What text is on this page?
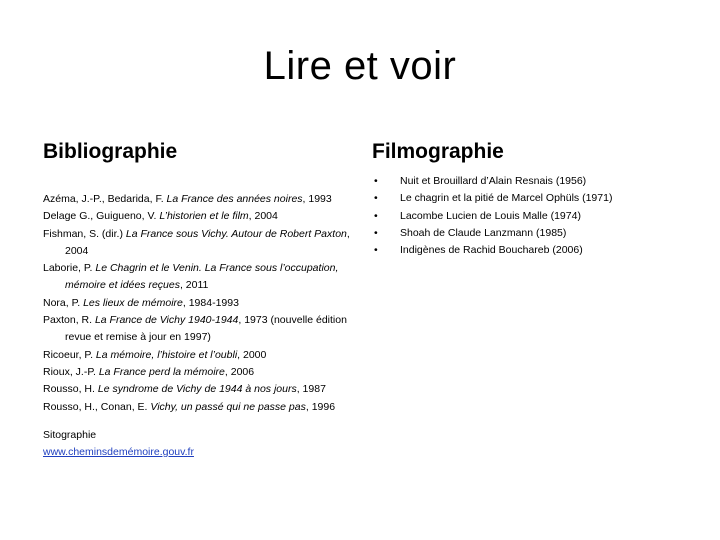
Lire et voir
Bibliographie	Filmographie
Azéma, J.-P., Bedarida, F. La France des années noires, 1993
Delage G., Guigueno, V. L’historien et le film, 2004
Fishman, S. (dir.) La France sous Vichy. Autour de Robert Paxton, 2004
Laborie, P. Le Chagrin et le Venin. La France sous l’occupation, mémoire et idées reçues, 2011
Nora, P. Les lieux de mémoire, 1984-1993
Paxton, R. La France de Vichy 1940-1944, 1973 (nouvelle édition revue et remise à jour en 1997)
Ricoeur, P. La mémoire, l’histoire et l’oubli, 2000
Rioux, J.-P. La France perd la mémoire, 2006
Rousso, H. Le syndrome de Vichy de 1944 à nos jours, 1987
Rousso, H., Conan, E. Vichy, un passé qui ne passe pas, 1996
• Nuit et Brouillard d’Alain Resnais (1956)
• Le chagrin et la pitié de Marcel Ophüls (1971)
• Lacombe Lucien de Louis Malle (1974)
• Shoah de Claude Lanzmann (1985)
• Indigènes de Rachid Bouchareb (2006)
Sitographie
www.cheminsdemémoire.gouv.fr
